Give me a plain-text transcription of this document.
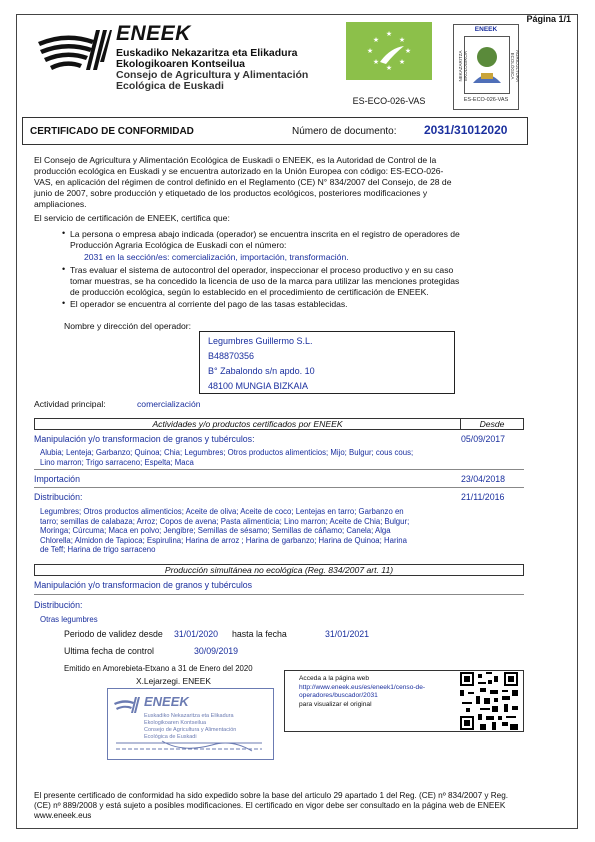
Página 1/1
ENEEK
Euskadiko Nekazaritza eta Elikadura
Ekologikoaren Kontseilua
Consejo de Agricultura y Alimentación
Ecológica de Euskadi
★
★	★
★	★
★	★
★
ES-ECO-026-VAS
ENEEK
NEKAZARITZA EKOLOGIKOA	AGRICULTURA ECOLÓGICA
ES-ECO-026-VAS
CERTIFICADO DE CONFORMIDAD	Número de documento: 2031/31012020
El Consejo de Agricultura y Alimentación Ecológica de Euskadi o ENEEK, es la Autoridad de Control de la
producción ecológica en Euskadi y se encuentra autorizado en la Unión Europea con código: ES-ECO-026-
VAS, en aplicación del régimen de control definido en el Reglamento (CE) N° 834/2007 del Consejo, de 28 de
junio de 2007, sobre producción y etiquetado de los productos ecológicos, posteriores modificaciones y
ampliaciones.
El servicio de certificación de ENEEK, certifica que:
• La persona o empresa abajo indicada (operador) se encuentra inscrita en el registro de operadores de
Producción Agraria Ecológica de Euskadi con el número:
2031 en la sección/es: comercialización, importación, transformación.
• Tras evaluar el sistema de autocontrol del operador, inspeccionar el proceso productivo y en su caso
tomar muestras, se ha concedido la licencia de uso de la marca para utilizar las menciones protegidas
de producción ecológica, según lo establecido en el procedimiento de certificación de ENEEK.
• El operador se encuentra al corriente del pago de las tasas establecidas.
Nombre y dirección del operador:
Legumbres Guillermo S.L.
B48870356
B° Zabalondo s/n apdo. 10
48100 MUNGIA BIZKAIA
Actividad principal:	comercialización
Actividades y/o productos certificados por ENEEK	Desde
Manipulación y/o transformacion de granos y tubérculos:	05/09/2017
Alubia; Lenteja; Garbanzo; Quinoa; Chia; Legumbres; Otros productos alimenticios; Mijo; Bulgur; cous cous;
Lino marron; Trigo sarraceno; Espelta; Maca
Importación	23/04/2018
Distribución:	21/11/2016
Legumbres; Otros productos alimenticios; Aceite de oliva; Aceite de coco; Lentejas en tarro; Garbanzo en
tarro; semillas de calabaza; Arroz; Copos de avena; Pasta alimenticia; Lino marron; Aceite de Chia; Bulgur;
Moringa; Cúrcuma; Maca en polvo; Jengibre; Semillas de sésamo; Semillas de cáñamo; Canela; Alga
Chlorella; Almidon de Tapioca; Espirulina; Harina de arroz ; Harina de garbanzo; Harina de Quinoa; Harina
de Teff; Harina de trigo sarraceno
Producción simultánea no ecológica (Reg. 834/2007 art. 11)
Manipulación y/o transformacion de granos y tubérculos
Distribución:
Otras legumbres
Periodo de validez desde 31/01/2020 hasta la fecha	31/01/2021
Ultima fecha de control	30/09/2019
Emitido en Amorebieta-Etxano a 31 de Enero del 2020
X.Lejarzegi. ENEEK
ENEEK
Euskadiko Nekazaritza eta Elikadura
Ekologikoaren Kontseilua
Consejo de Agricultura y Alimentación
Ecológica de Euskadi
Acceda a la página web
http://www.eneek.eus/es/eneek1/censo-de-
operadores/buscador/2031
para visualizar el original
El presente certificado de conformidad ha sido expedido sobre la base del articulo 29 apartado 1 del Reg. (CE) nº 834/2007 y Reg.
(CE) nº 889/2008 y está sujeto a posibles modificaciones. El certificado en vigor debe ser consultado en la página web de ENEEK
www.eneek.eus
